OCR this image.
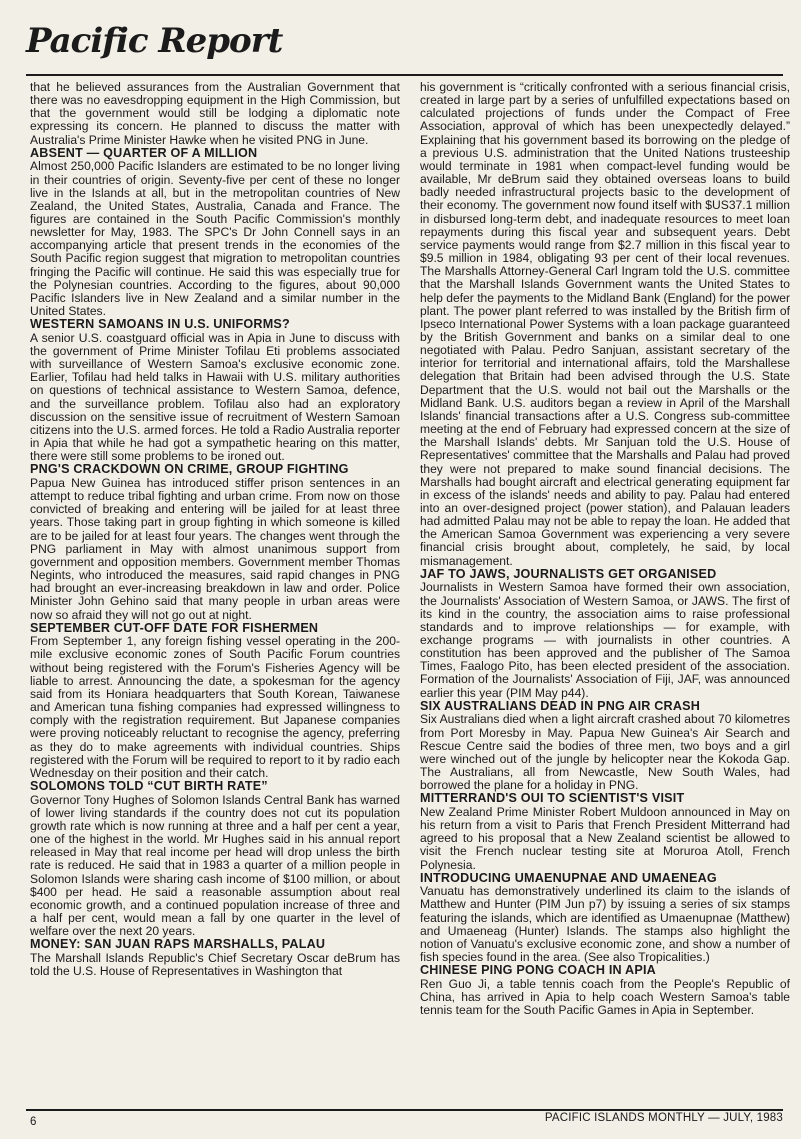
Pacific Report

that he believed assurances from the Australian Government that there was no eavesdropping equipment in the High Commission, but that the government would still be lodging a diplomatic note expressing its concern. He planned to discuss the matter with Australia's Prime Minister Hawke when he visited PNG in June.

ABSENT — QUARTER OF A MILLION

Almost 250,000 Pacific Islanders are estimated to be no longer living in their countries of origin. Seventy-five per cent of these no longer live in the Islands at all, but in the metropolitan countries of New Zealand, the United States, Australia, Canada and France. The figures are contained in the South Pacific Commission's monthly newsletter for May, 1983. The SPC's Dr John Connell says in an accompanying article that present trends in the economies of the South Pacific region suggest that migration to metropolitan countries fringing the Pacific will continue. He said this was especially true for the Polynesian countries. According to the figures, about 90,000 Pacific Islanders live in New Zealand and a similar number in the United States.

WESTERN SAMOANS IN U.S. UNIFORMS?

A senior U.S. coastguard official was in Apia in June to discuss with the government of Prime Minister Tofilau Eti problems associated with surveillance of Western Samoa's exclusive economic zone. Earlier, Tofilau had held talks in Hawaii with U.S. military authorities on questions of technical assistance to Western Samoa, defence, and the surveillance problem. Tofilau also had an exploratory discussion on the sensitive issue of recruitment of Western Samoan citizens into the U.S. armed forces. He told a Radio Australia reporter in Apia that while he had got a sympathetic hearing on this matter, there were still some problems to be ironed out.

PNG'S CRACKDOWN ON CRIME, GROUP FIGHTING

Papua New Guinea has introduced stiffer prison sentences in an attempt to reduce tribal fighting and urban crime. From now on those convicted of breaking and entering will be jailed for at least three years. Those taking part in group fighting in which someone is killed are to be jailed for at least four years. The changes went through the PNG parliament in May with almost unanimous support from government and opposition members. Government member Thomas Negints, who introduced the measures, said rapid changes in PNG had brought an ever-increasing breakdown in law and order. Police Minister John Gehino said that many people in urban areas were now so afraid they will not go out at night.

SEPTEMBER CUT-OFF DATE FOR FISHERMEN

From September 1, any foreign fishing vessel operating in the 200-mile exclusive economic zones of South Pacific Forum countries without being registered with the Forum's Fisheries Agency will be liable to arrest. Announcing the date, a spokesman for the agency said from its Honiara headquarters that South Korean, Taiwanese and American tuna fishing companies had expressed willingness to comply with the registration requirement. But Japanese companies were proving noticeably reluctant to recognise the agency, preferring as they do to make agreements with individual countries. Ships registered with the Forum will be required to report to it by radio each Wednesday on their position and their catch.

SOLOMONS TOLD “CUT BIRTH RATE”

Governor Tony Hughes of Solomon Islands Central Bank has warned of lower living standards if the country does not cut its population growth rate which is now running at three and a half per cent a year, one of the highest in the world. Mr Hughes said in his annual report released in May that real income per head will drop unless the birth rate is reduced. He said that in 1983 a quarter of a million people in Solomon Islands were sharing cash income of $100 million, or about $400 per head. He said a reasonable assumption about real economic growth, and a continued population increase of three and a half per cent, would mean a fall by one quarter in the level of welfare over the next 20 years.

MONEY: SAN JUAN RAPS MARSHALLS, PALAU

The Marshall Islands Republic's Chief Secretary Oscar deBrum has told the U.S. House of Representatives in Washington that

his government is “critically confronted with a serious financial crisis, created in large part by a series of unfulfilled expectations based on calculated projections of funds under the Compact of Free Association, approval of which has been unexpectedly delayed.” Explaining that his government based its borrowing on the pledge of a previous U.S. administration that the United Nations trusteeship would terminate in 1981 when compact-level funding would be available, Mr deBrum said they obtained overseas loans to build badly needed infrastructural projects basic to the development of their economy. The government now found itself with $US37.1 million in disbursed long-term debt, and inadequate resources to meet loan repayments during this fiscal year and subsequent years. Debt service payments would range from $2.7 million in this fiscal year to $9.5 million in 1984, obligating 93 per cent of their local revenues. The Marshalls Attorney-General Carl Ingram told the U.S. committee that the Marshall Islands Government wants the United States to help defer the payments to the Midland Bank (England) for the power plant. The power plant referred to was installed by the British firm of Ipseco International Power Systems with a loan package guaranteed by the British Government and banks on a similar deal to one negotiated with Palau. Pedro Sanjuan, assistant secretary of the interior for territorial and international affairs, told the Marshallese delegation that Britain had been advised through the U.S. State Department that the U.S. would not bail out the Marshalls or the Midland Bank. U.S. auditors began a review in April of the Marshall Islands' financial transactions after a U.S. Congress sub-committee meeting at the end of February had expressed concern at the size of the Marshall Islands' debts. Mr Sanjuan told the U.S. House of Representatives' committee that the Marshalls and Palau had proved they were not prepared to make sound financial decisions. The Marshalls had bought aircraft and electrical generating equipment far in excess of the islands' needs and ability to pay. Palau had entered into an over-designed project (power station), and Palauan leaders had admitted Palau may not be able to repay the loan. He added that the American Samoa Government was experiencing a very severe financial crisis brought about, completely, he said, by local mismanagement.

JAF TO JAWS, JOURNALISTS GET ORGANISED

Journalists in Western Samoa have formed their own association, the Journalists' Association of Western Samoa, or JAWS. The first of its kind in the country, the association aims to raise professional standards and to improve relationships — for example, with exchange programs — with journalists in other countries. A constitution has been approved and the publisher of The Samoa Times, Faalogo Pito, has been elected president of the association. Formation of the Journalists' Association of Fiji, JAF, was announced earlier this year (PIM May p44).

SIX AUSTRALIANS DEAD IN PNG AIR CRASH

Six Australians died when a light aircraft crashed about 70 kilometres from Port Moresby in May. Papua New Guinea's Air Search and Rescue Centre said the bodies of three men, two boys and a girl were winched out of the jungle by helicopter near the Kokoda Gap. The Australians, all from Newcastle, New South Wales, had borrowed the plane for a holiday in PNG.

MITTERRAND'S OUI TO SCIENTIST'S VISIT

New Zealand Prime Minister Robert Muldoon announced in May on his return from a visit to Paris that French President Mitterrand had agreed to his proposal that a New Zealand scientist be allowed to visit the French nuclear testing site at Moruroa Atoll, French Polynesia.

INTRODUCING UMAENUPNAE AND UMAENEAG

Vanuatu has demonstratively underlined its claim to the islands of Matthew and Hunter (PIM Jun p7) by issuing a series of six stamps featuring the islands, which are identified as Umaenupnae (Matthew) and Umaeneag (Hunter) Islands. The stamps also highlight the notion of Vanuatu's exclusive economic zone, and show a number of fish species found in the area. (See also Tropicalities.)

CHINESE PING PONG COACH IN APIA

Ren Guo Ji, a table tennis coach from the People's Republic of China, has arrived in Apia to help coach Western Samoa's table tennis team for the South Pacific Games in Apia in September.

6	PACIFIC ISLANDS MONTHLY — JULY, 1983
